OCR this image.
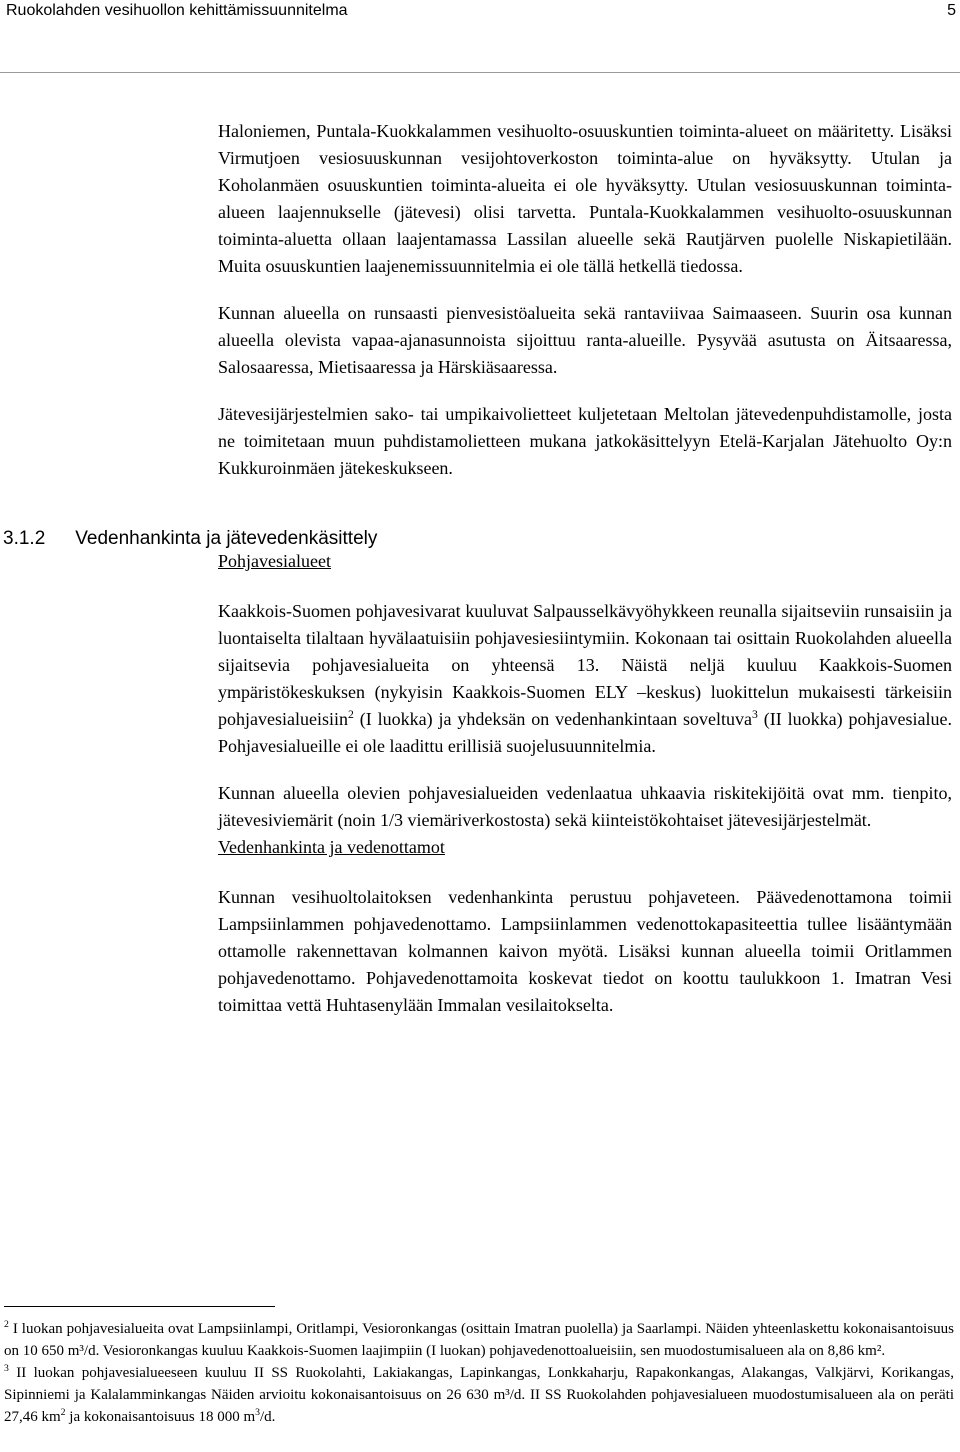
Ruokolahden vesihuollon kehittämissuunnitelma	5
3.1.2 Vedenhankinta ja jätevedenkäsittely

Haloniemen, Puntala-Kuokkalammen vesihuolto-osuuskuntien toiminta-alueet on määritetty. Lisäksi Virmutjoen vesiosuuskunnan vesijohtoverkoston toiminta-alue on hyväksytty. Utulan ja Koholanmäen osuuskuntien toiminta-alueita ei ole hyväksytty. Utulan vesiosuuskunnan toiminta-alueen laajennukselle (jätevesi) olisi tarvetta. Puntala-Kuokkalammen vesihuolto-osuuskunnan toiminta-aluetta ollaan laajentamassa Lassilan alueelle sekä Rautjärven puolelle Niskapietilään. Muita osuuskuntien laajenemissuunnitelmia ei ole tällä hetkellä tiedossa.

Kunnan alueella on runsaasti pienvesistöalueita sekä rantaviivaa Saimaaseen. Suurin osa kunnan alueella olevista vapaa-ajanasunnoista sijoittuu ranta-alueille. Pysyvää asutusta on Äitsaaressa, Salosaaressa, Mietisaaressa ja Härskiäsaaressa.

Jätevesijärjestelmien sako- tai umpikaivolietteet kuljetetaan Meltolan jätevedenpuhdistamolle, josta ne toimitetaan muun puhdistamolietteen mukana jatkokäsittelyyn Etelä-Karjalan Jätehuolto Oy:n Kukkuroinmäen jätekeskukseen.

Pohjavesialueet

Kaakkois-Suomen pohjavesivarat kuuluvat Salpausselkävyöhykkeen reunalla sijaitseviin runsaisiin ja luontaiselta tilaltaan hyvälaatuisiin pohjavesiesiintymiin. Kokonaan tai osittain Ruokolahden alueella sijaitsevia pohjavesialueita on yhteensä 13. Näistä neljä kuuluu Kaakkois-Suomen ympäristökeskuksen (nykyisin Kaakkois-Suomen ELY –keskus) luokittelun mukaisesti tärkeisiin pohjavesialueisiin$^2$ (I luokka) ja yhdeksän on vedenhankintaan soveltuva$^3$ (II luokka) pohjavesialue. Pohjavesialueille ei ole laadittu erillisiä suojelusuunnitelmia.

Kunnan alueella olevien pohjavesialueiden vedenlaatua uhkaavia riskitekijöitä ovat mm. tienpito, jätevesiviemärit (noin 1/3 viemäriverkostosta) sekä kiinteistökohtaiset jätevesijärjestelmät.

Vedenhankinta ja vedenottamot

Kunnan vesihuoltolaitoksen vedenhankinta perustuu pohjaveteen. Päävedenottamona toimii Lampsiinlammen pohjavedenottamo. Lampsiinlammen vedenottokapasiteettia tullee lisääntymään ottamolle rakennettavan kolmannen kaivon myötä. Lisäksi kunnan alueella toimii Oritlammen pohjavedenottamo. Pohjavedenottamoita koskevat tiedot on koottu taulukkoon 1. Imatran Vesi toimittaa vettä Huhtasenylään Immalan vesilaitokselta.

$^2$ I luokan pohjavesialueita ovat Lampsiinlampi, Oritlampi, Vesioronkangas (osittain Imatran puolella) ja Saarlampi. Näiden yhteenlaskettu kokonaisantoisuus on 10 650 m³/d. Vesioronkangas kuuluu Kaakkois-Suomen laajimpiin (I luokan) pohjavedenottoalueisiin, sen muodostumisalueen ala on 8,86 km².

$^3$ II luokan pohjavesialueeseen kuuluu II SS Ruokolahti, Lakiakangas, Lapinkangas, Lonkkaharju, Rapakonkangas, Alakangas, Valkjärvi, Korikangas, Sipinniemi ja Kalalamminkangas Näiden arvioitu kokonaisantoisuus on 26 630 m³/d. II SS Ruokolahden pohjavesialueen muodostumisalueen ala on peräti 27,46 $km^2$ ja kokonaisantoisuus 18 000 $m^3/d$.
